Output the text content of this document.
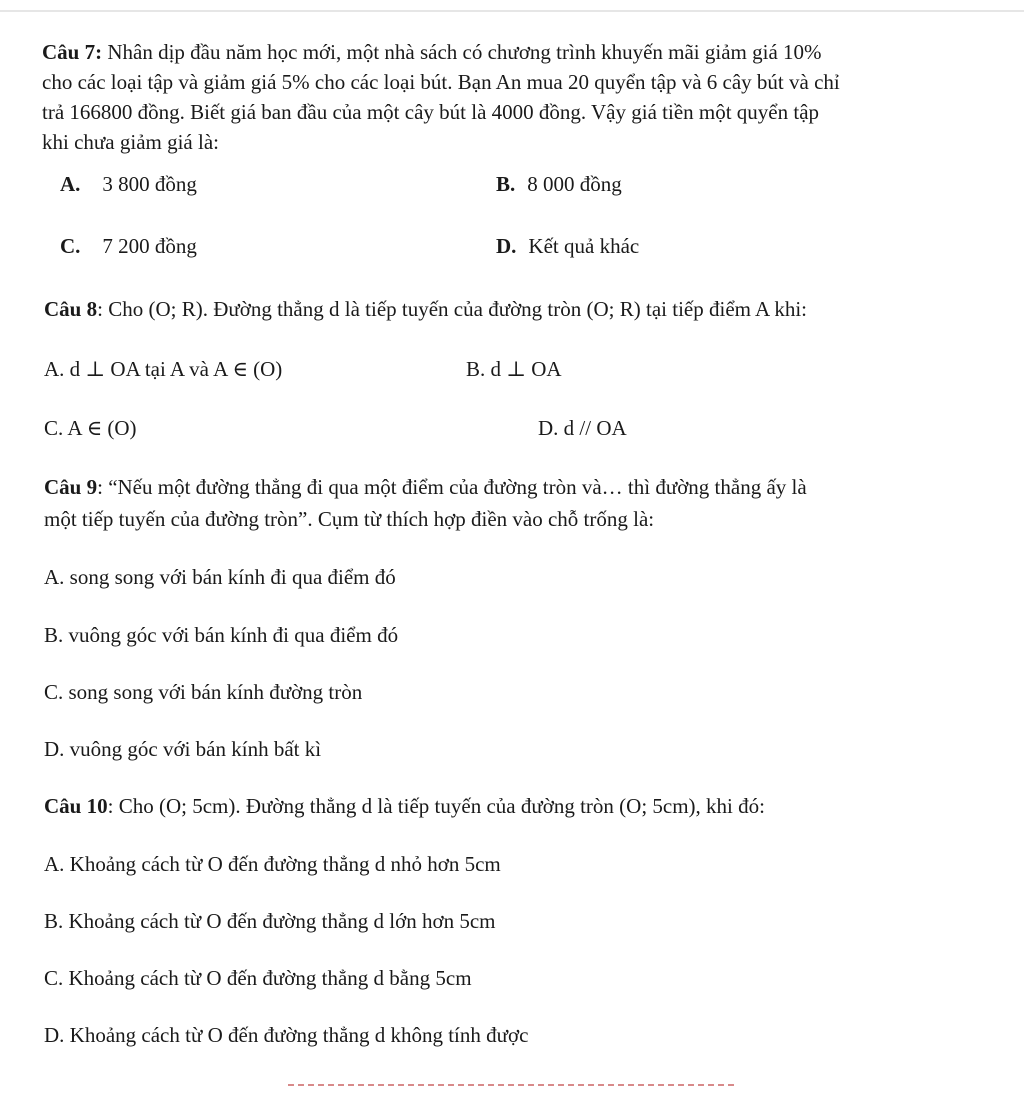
Câu 7: Nhân dịp đầu năm học mới, một nhà sách có chương trình khuyến mãi giảm giá 10%
cho các loại tập và giảm giá 5% cho các loại bút. Bạn An mua 20 quyển tập và 6 cây bút và chỉ
trả 166800 đồng. Biết giá ban đầu của một cây bút là 4000 đồng. Vậy giá tiền một quyển tập
khi chưa giảm giá là:
A. 3 800 đồng	B. 8 000 đồng
C. 7 200 đồng	D. Kết quả khác
Câu 8: Cho (O; R). Đường thẳng d là tiếp tuyến của đường tròn (O; R) tại tiếp điểm A khi:
A. d ⊥ OA tại A và A ∈ (O)	B. d ⊥ OA
C. A ∈ (O)	D. d // OA
Câu 9: “Nếu một đường thẳng đi qua một điểm của đường tròn và… thì đường thẳng ấy là
một tiếp tuyến của đường tròn”. Cụm từ thích hợp điền vào chỗ trống là:
A. song song với bán kính đi qua điểm đó
B. vuông góc với bán kính đi qua điểm đó
C. song song với bán kính đường tròn
D. vuông góc với bán kính bất kì
Câu 10: Cho (O; 5cm). Đường thẳng d là tiếp tuyến của đường tròn (O; 5cm), khi đó:
A. Khoảng cách từ O đến đường thẳng d nhỏ hơn 5cm
B. Khoảng cách từ O đến đường thẳng d lớn hơn 5cm
C. Khoảng cách từ O đến đường thẳng d bằng 5cm
D. Khoảng cách từ O đến đường thẳng d không tính được
